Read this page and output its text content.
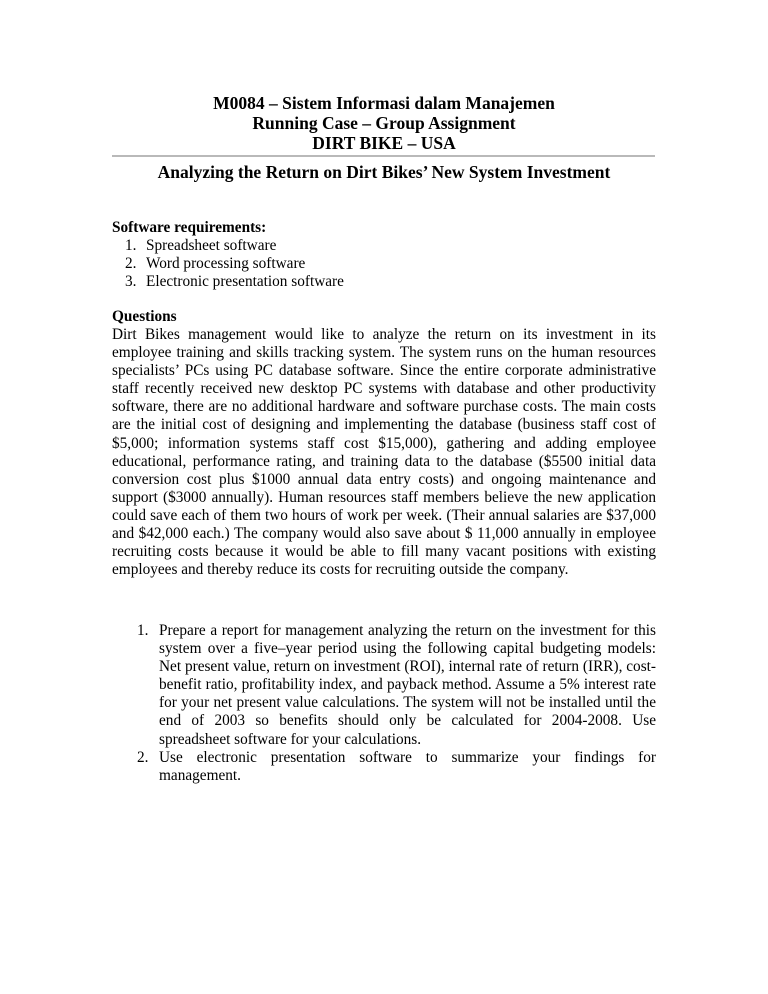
M0084 – Sistem Informasi dalam Manajemen
Running Case – Group Assignment
DIRT BIKE – USA
Analyzing the Return on Dirt Bikes’ New System Investment
Software requirements:
1. Spreadsheet software
2. Word processing software
3. Electronic presentation software
Questions
Dirt Bikes management would like to analyze the return on its investment in its employee training and skills tracking system. The system runs on the human resources specialists’ PCs using PC database software. Since the entire corporate administrative staff recently received new desktop PC systems with database and other productivity software, there are no additional hardware and software purchase costs. The main costs are the initial cost of designing and implementing the database (business staff cost of $5,000; information systems staff cost $15,000), gathering and adding employee educational, performance rating, and training data to the database ($5500 initial data conversion cost plus $1000 annual data entry costs) and ongoing maintenance and support ($3000 annually). Human resources staff members believe the new application could save each of them two hours of work per week. (Their annual salaries are $37,000 and $42,000 each.) The company would also save about $ 11,000 annually in employee recruiting costs because it would be able to fill many vacant positions with existing employees and thereby reduce its costs for recruiting outside the company.
1. Prepare a report for management analyzing the return on the investment for this system over a five–year period using the following capital budgeting models: Net present value, return on investment (ROI), internal rate of return (IRR), cost-benefit ratio, profitability index, and payback method. Assume a 5% interest rate for your net present value calculations. The system will not be installed until the end of 2003 so benefits should only be calculated for 2004-2008. Use spreadsheet software for your calculations.
2. Use electronic presentation software to summarize your findings for management.
